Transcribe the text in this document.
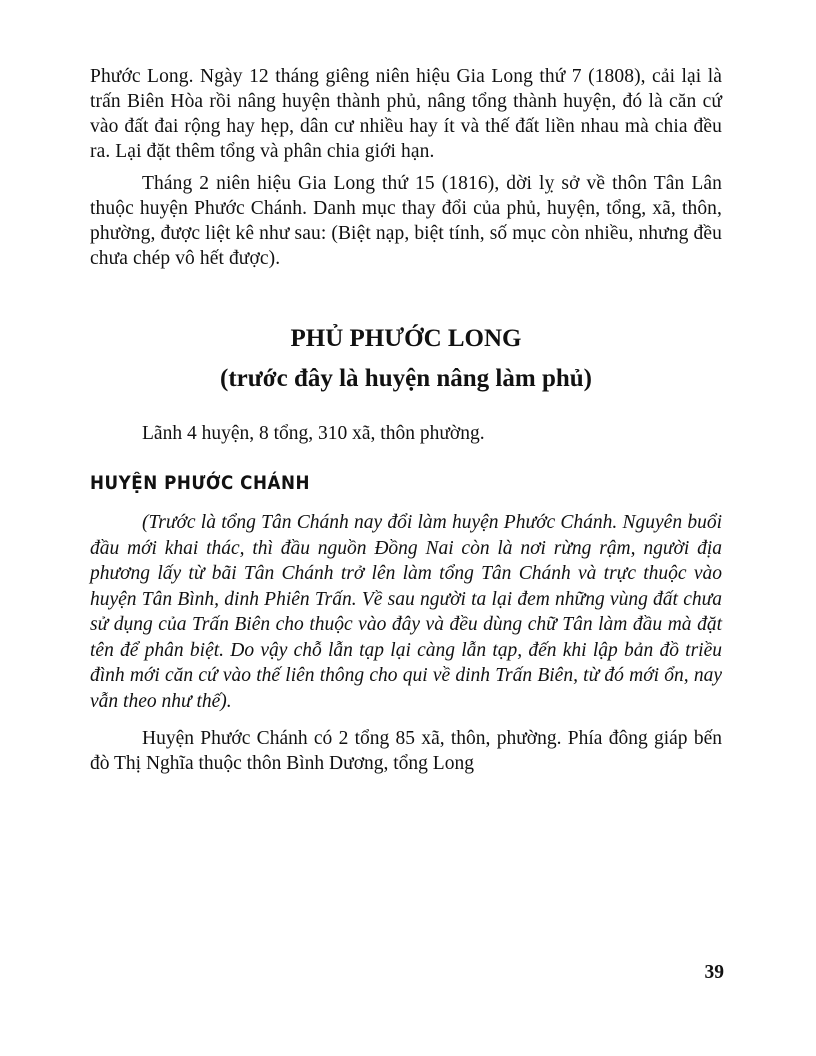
Phước Long. Ngày 12 tháng giêng niên hiệu Gia Long thứ 7 (1808), cải lại là trấn Biên Hòa rồi nâng huyện thành phủ, nâng tổng thành huyện, đó là căn cứ vào đất đai rộng hay hẹp, dân cư nhiều hay ít và thế đất liền nhau mà chia đều ra. Lại đặt thêm tổng và phân chia giới hạn.

Tháng 2 niên hiệu Gia Long thứ 15 (1816), dời lỵ sở về thôn Tân Lân thuộc huyện Phước Chánh. Danh mục thay đổi của phủ, huyện, tổng, xã, thôn, phường, được liệt kê như sau: (Biệt nạp, biệt tính, số mục còn nhiều, nhưng đều chưa chép vô hết được).

PHỦ PHƯỚC LONG
(trước đây là huyện nâng làm phủ)

Lãnh 4 huyện, 8 tổng, 310 xã, thôn phường.

HUYỆN PHƯỚC CHÁNH

(Trước là tổng Tân Chánh nay đổi làm huyện Phước Chánh. Nguyên buổi đầu mới khai thác, thì đầu nguồn Đồng Nai còn là nơi rừng rậm, người địa phương lấy từ bãi Tân Chánh trở lên làm tổng Tân Chánh và trực thuộc vào huyện Tân Bình, dinh Phiên Trấn. Về sau người ta lại đem những vùng đất chưa sử dụng của Trấn Biên cho thuộc vào đây và đều dùng chữ Tân làm đầu mà đặt tên để phân biệt. Do vậy chỗ lẫn tạp lại càng lẫn tạp, đến khi lập bản đồ triều đình mới căn cứ vào thế liên thông cho qui về dinh Trấn Biên, từ đó mới ổn, nay vẫn theo như thế).

Huyện Phước Chánh có 2 tổng 85 xã, thôn, phường. Phía đông giáp bến đò Thị Nghĩa thuộc thôn Bình Dương, tổng Long

39
